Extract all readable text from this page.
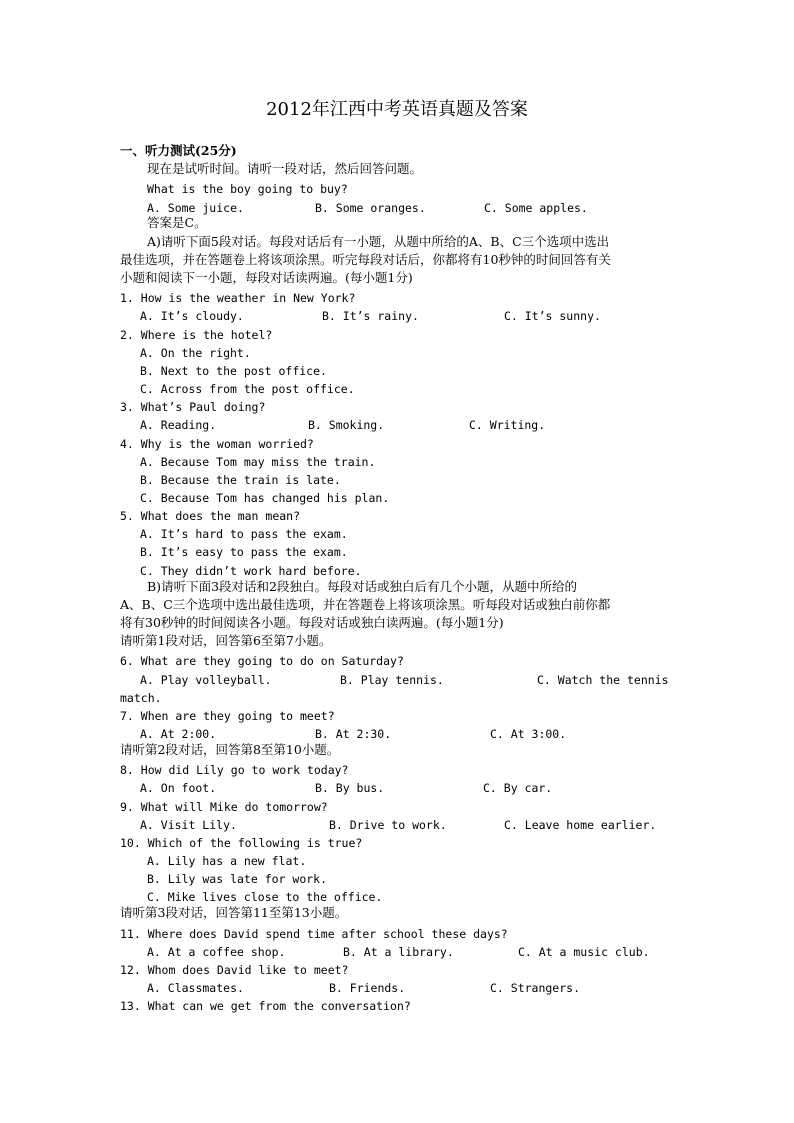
2012年江西中考英语真题及答案
一、听力测试(25分)
现在是试听时间。请听一段对话，然后回答问题。
What is the boy going to buy?
A. Some juice.	B. Some oranges.	C. Some apples.
答案是C。
A)请听下面5段对话。每段对话后有一小题，从题中所给的A、B、C三个选项中选出
最佳选项，并在答题卷上将该项涂黑。听完每段对话后，你都将有10秒钟的时间回答有关
小题和阅读下一小题，每段对话读两遍。(每小题1分)
1. How is the weather in New York?
A. It’s cloudy.	B. It’s rainy.	C. It’s sunny.
2. Where is the hotel?
A. On the right.
B. Next to the post office.
C. Across from the post office.
3. What’s Paul doing?
A. Reading.	B. Smoking.	C. Writing.
4. Why is the woman worried?
A. Because Tom may miss the train.
B. Because the train is late.
C. Because Tom has changed his plan.
5. What does the man mean?
A. It’s hard to pass the exam.
B. It’s easy to pass the exam.
C. They didn’t work hard before.
B)请听下面3段对话和2段独白。每段对话或独白后有几个小题，从题中所给的
A、B、C三个选项中选出最佳选项，并在答题卷上将该项涂黑。听每段对话或独白前你都
将有30秒钟的时间阅读各小题。每段对话或独白读两遍。(每小题1分)
请听第1段对话，回答第6至第7小题。
6. What are they going to do on Saturday?
A. Play volleyball.	B. Play tennis.	C. Watch the tennis
match.
7. When are they going to meet?
A. At 2:00.	B. At 2:30.	C. At 3:00.
请听第2段对话，回答第8至第10小题。
8. How did Lily go to work today?
A. On foot.	B. By bus.	C. By car.
9. What will Mike do tomorrow?
A. Visit Lily.	B. Drive to work.	C. Leave home earlier.
10. Which of the following is true?
A. Lily has a new flat.
B. Lily was late for work.
C. Mike lives close to the office.
请听第3段对话，回答第11至第13小题。
11. Where does David spend time after school these days?
A. At a coffee shop.	B. At a library.	C. At a music club.
12. Whom does David like to meet?
A. Classmates.	B. Friends.	C. Strangers.
13. What can we get from the conversation?
